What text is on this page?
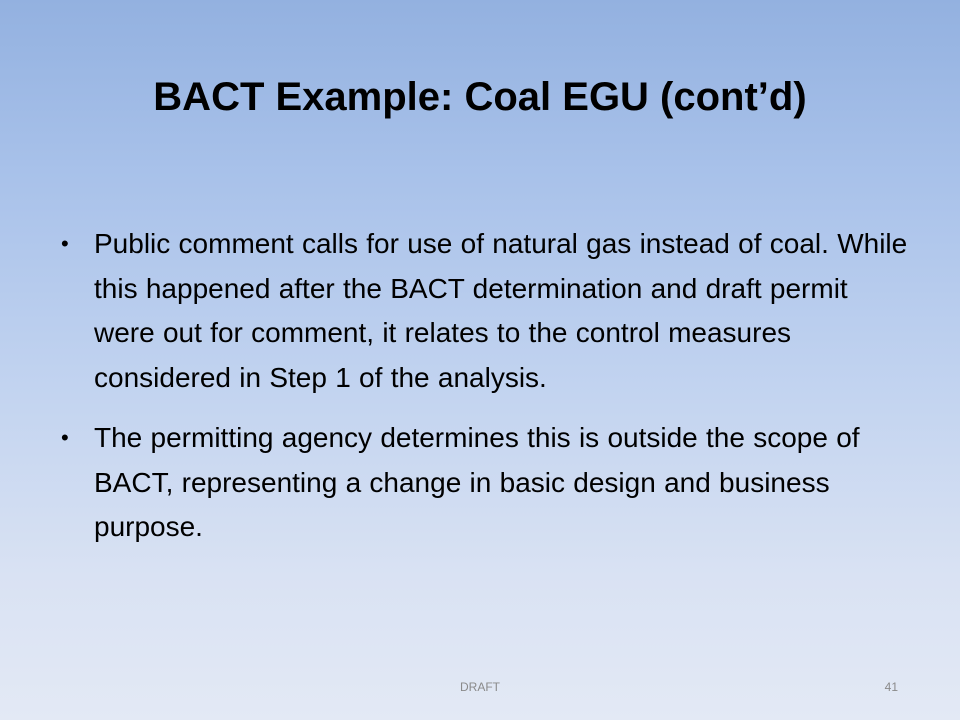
BACT Example: Coal EGU (cont’d)
• Public comment calls for use of natural gas instead of coal. While this happened after the BACT determination and draft permit were out for comment, it relates to the control measures considered in Step 1 of the analysis.
• The permitting agency determines this is outside the scope of BACT, representing a change in basic design and business purpose.
DRAFT	41
